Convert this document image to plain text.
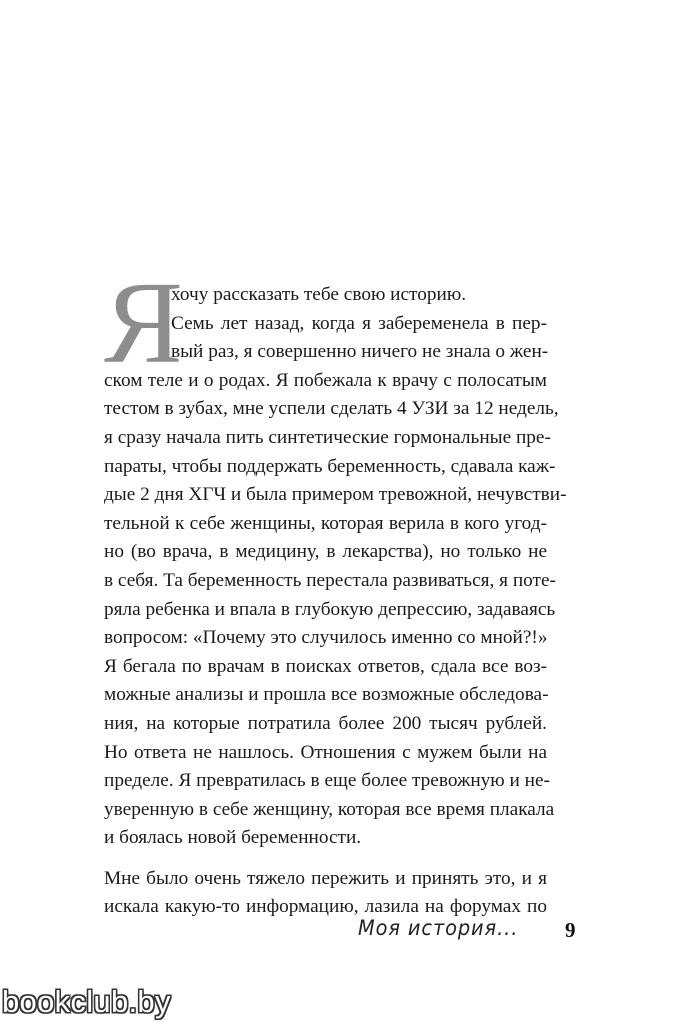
Я
хочу рассказать тебе свою историю.
Семь лет назад, когда я забеременела в пер-
вый раз, я совершенно ничего не знала о жен-
ском теле и о родах. Я побежала к врачу с полосатым
тестом в зубах, мне успели сделать 4 УЗИ за 12 недель,
я сразу начала пить синтетические гормональные пре-
параты, чтобы поддержать беременность, сдавала каж-
дые 2 дня ХГЧ и была примером тревожной, нечувстви-
тельной к себе женщины, которая верила в кого угод-
но (во врача, в медицину, в лекарства), но только не
в себя. Та беременность перестала развиваться, я поте-
ряла ребенка и впала в глубокую депрессию, задаваясь
вопросом: «Почему это случилось именно со мной?!»
Я бегала по врачам в поисках ответов, сдала все воз-
можные анализы и прошла все возможные обследова-
ния, на которые потратила более 200 тысяч рублей.
Но ответа не нашлось. Отношения с мужем были на
пределе. Я превратилась в еще более тревожную и не-
уверенную в себе женщину, которая все время плакала
и боялась новой беременности.
Мне было очень тяжело пережить и принять это, и я
искала какую-то информацию, лазила на форумах по
Моя история... 9
bookclub.by
